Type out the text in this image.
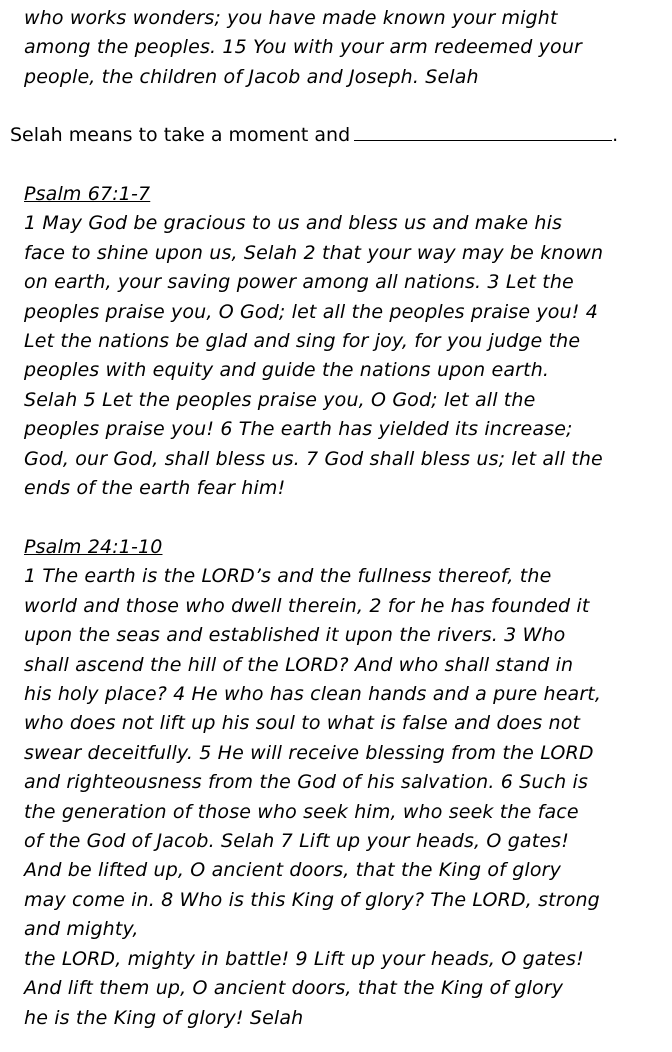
who works wonders; you have made known your might

among the peoples. 15 You with your arm redeemed your

people, the children of Jacob and Joseph. Selah

Selah means to take a moment and	.
Psalm 67:1-7

1 May God be gracious to us and bless us and make his

face to shine upon us, Selah 2 that your way may be known

on earth, your saving power among all nations. 3 Let the

peoples praise you, O God; let all the peoples praise you! 4

Let the nations be glad and sing for joy, for you judge the

peoples with equity and guide the nations upon earth.

Selah 5 Let the peoples praise you, O God; let all the

peoples praise you! 6 The earth has yielded its increase;

God, our God, shall bless us. 7 God shall bless us; let all the

ends of the earth fear him!

Psalm 24:1-10

1 The earth is the LORD’s and the fullness thereof, the

world and those who dwell therein, 2 for he has founded it

upon the seas and established it upon the rivers. 3 Who

shall ascend the hill of the LORD? And who shall stand in

his holy place? 4 He who has clean hands and a pure heart,

who does not lift up his soul to what is false and does not

swear deceitfully. 5 He will receive blessing from the LORD

and righteousness from the God of his salvation. 6 Such is

the generation of those who seek him, who seek the face

of the God of Jacob. Selah 7 Lift up your heads, O gates!

And be lifted up, O ancient doors, that the King of glory

may come in. 8 Who is this King of glory? The LORD, strong

and mighty,

the LORD, mighty in battle! 9 Lift up your heads, O gates!

And lift them up, O ancient doors, that the King of glory

he is the King of glory! Selah
